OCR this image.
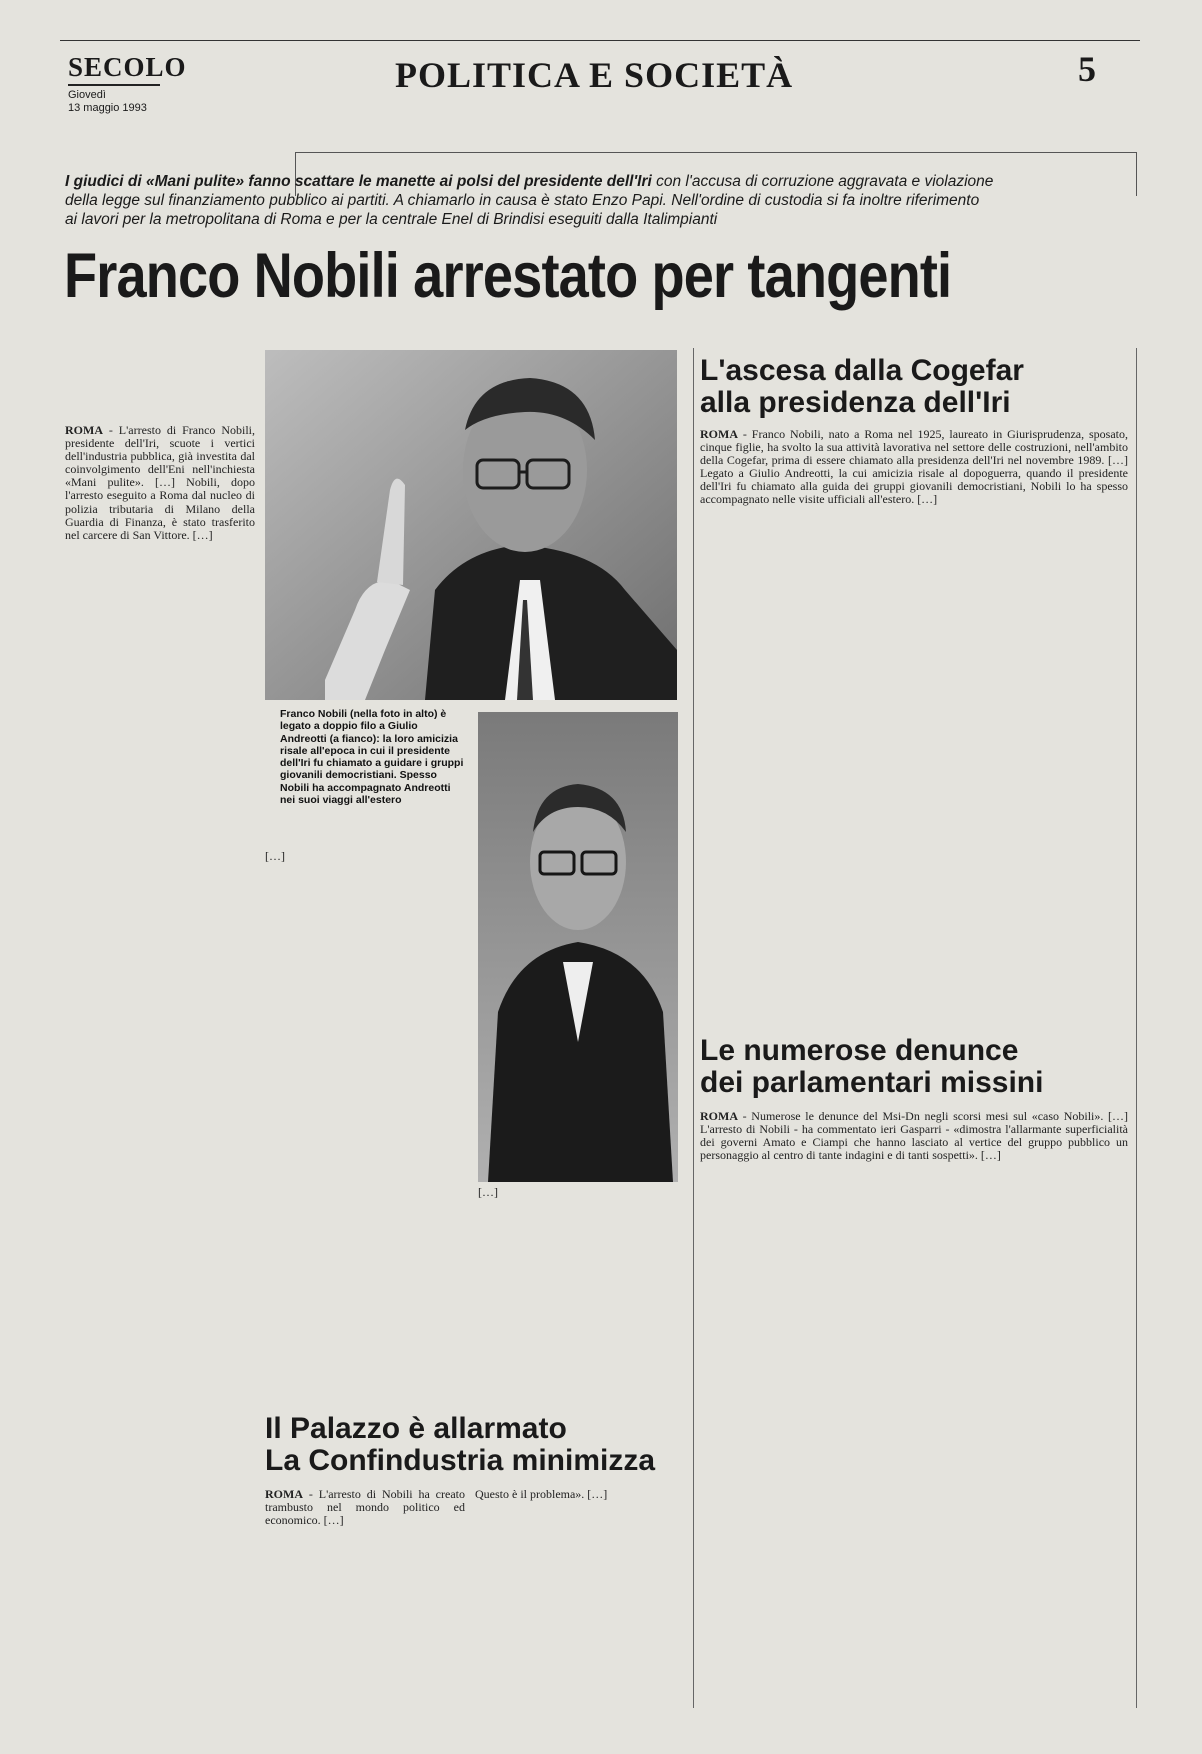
SECOLO
Giovedì
13 maggio 1993
POLITICA E SOCIETÀ	5
I giudici di «Mani pulite» fanno scattare le manette ai polsi del presidente dell'Iri con l'accusa di corruzione aggravata e violazione della legge sul finanziamento pubblico ai partiti. A chiamarlo in causa è stato Enzo Papi. Nell'ordine di custodia si fa inoltre riferimento ai lavori per la metropolitana di Roma e per la centrale Enel di Brindisi eseguiti dalla Italimpianti
Franco Nobili arrestato per tangenti

ROMA - L'arresto di Franco Nobili, presidente dell'Iri, scuote i vertici dell'industria pubblica, già investita dal coinvolgimento dell'Eni nell'inchiesta «Mani pulite». […] Nobili, dopo l'arresto eseguito a Roma dal nucleo di polizia tributaria di Milano della Guardia di Finanza, è stato trasferito nel carcere di San Vittore. […]

Franco Nobili (nella foto in alto) è legato a doppio filo a Giulio Andreotti (a fianco): la loro amicizia risale all'epoca in cui il presidente dell'Iri fu chiamato a guidare i gruppi giovanili democristiani. Spesso Nobili ha accompagnato Andreotti nei suoi viaggi all'estero

[…]

[…]

Il Palazzo è allarmato
La Confindustria minimizza

ROMA - L'arresto di Nobili ha creato trambusto nel mondo politico ed economico. […]

Questo è il problema». […]

L'ascesa dalla Cogefar
alla presidenza dell'Iri

ROMA - Franco Nobili, nato a Roma nel 1925, laureato in Giurisprudenza, sposato, cinque figlie, ha svolto la sua attività lavorativa nel settore delle costruzioni, nell'ambito della Cogefar, prima di essere chiamato alla presidenza dell'Iri nel novembre 1989. […] Legato a Giulio Andreotti, la cui amicizia risale al dopoguerra, quando il presidente dell'Iri fu chiamato alla guida dei gruppi giovanili democristiani, Nobili lo ha spesso accompagnato nelle visite ufficiali all'estero. […]

Le numerose denunce
dei parlamentari missini

ROMA - Numerose le denunce del Msi-Dn negli scorsi mesi sul «caso Nobili». […] L'arresto di Nobili - ha commentato ieri Gasparri - «dimostra l'allarmante superficialità dei governi Amato e Ciampi che hanno lasciato al vertice del gruppo pubblico un personaggio al centro di tante indagini e di tanti sospetti». […]
